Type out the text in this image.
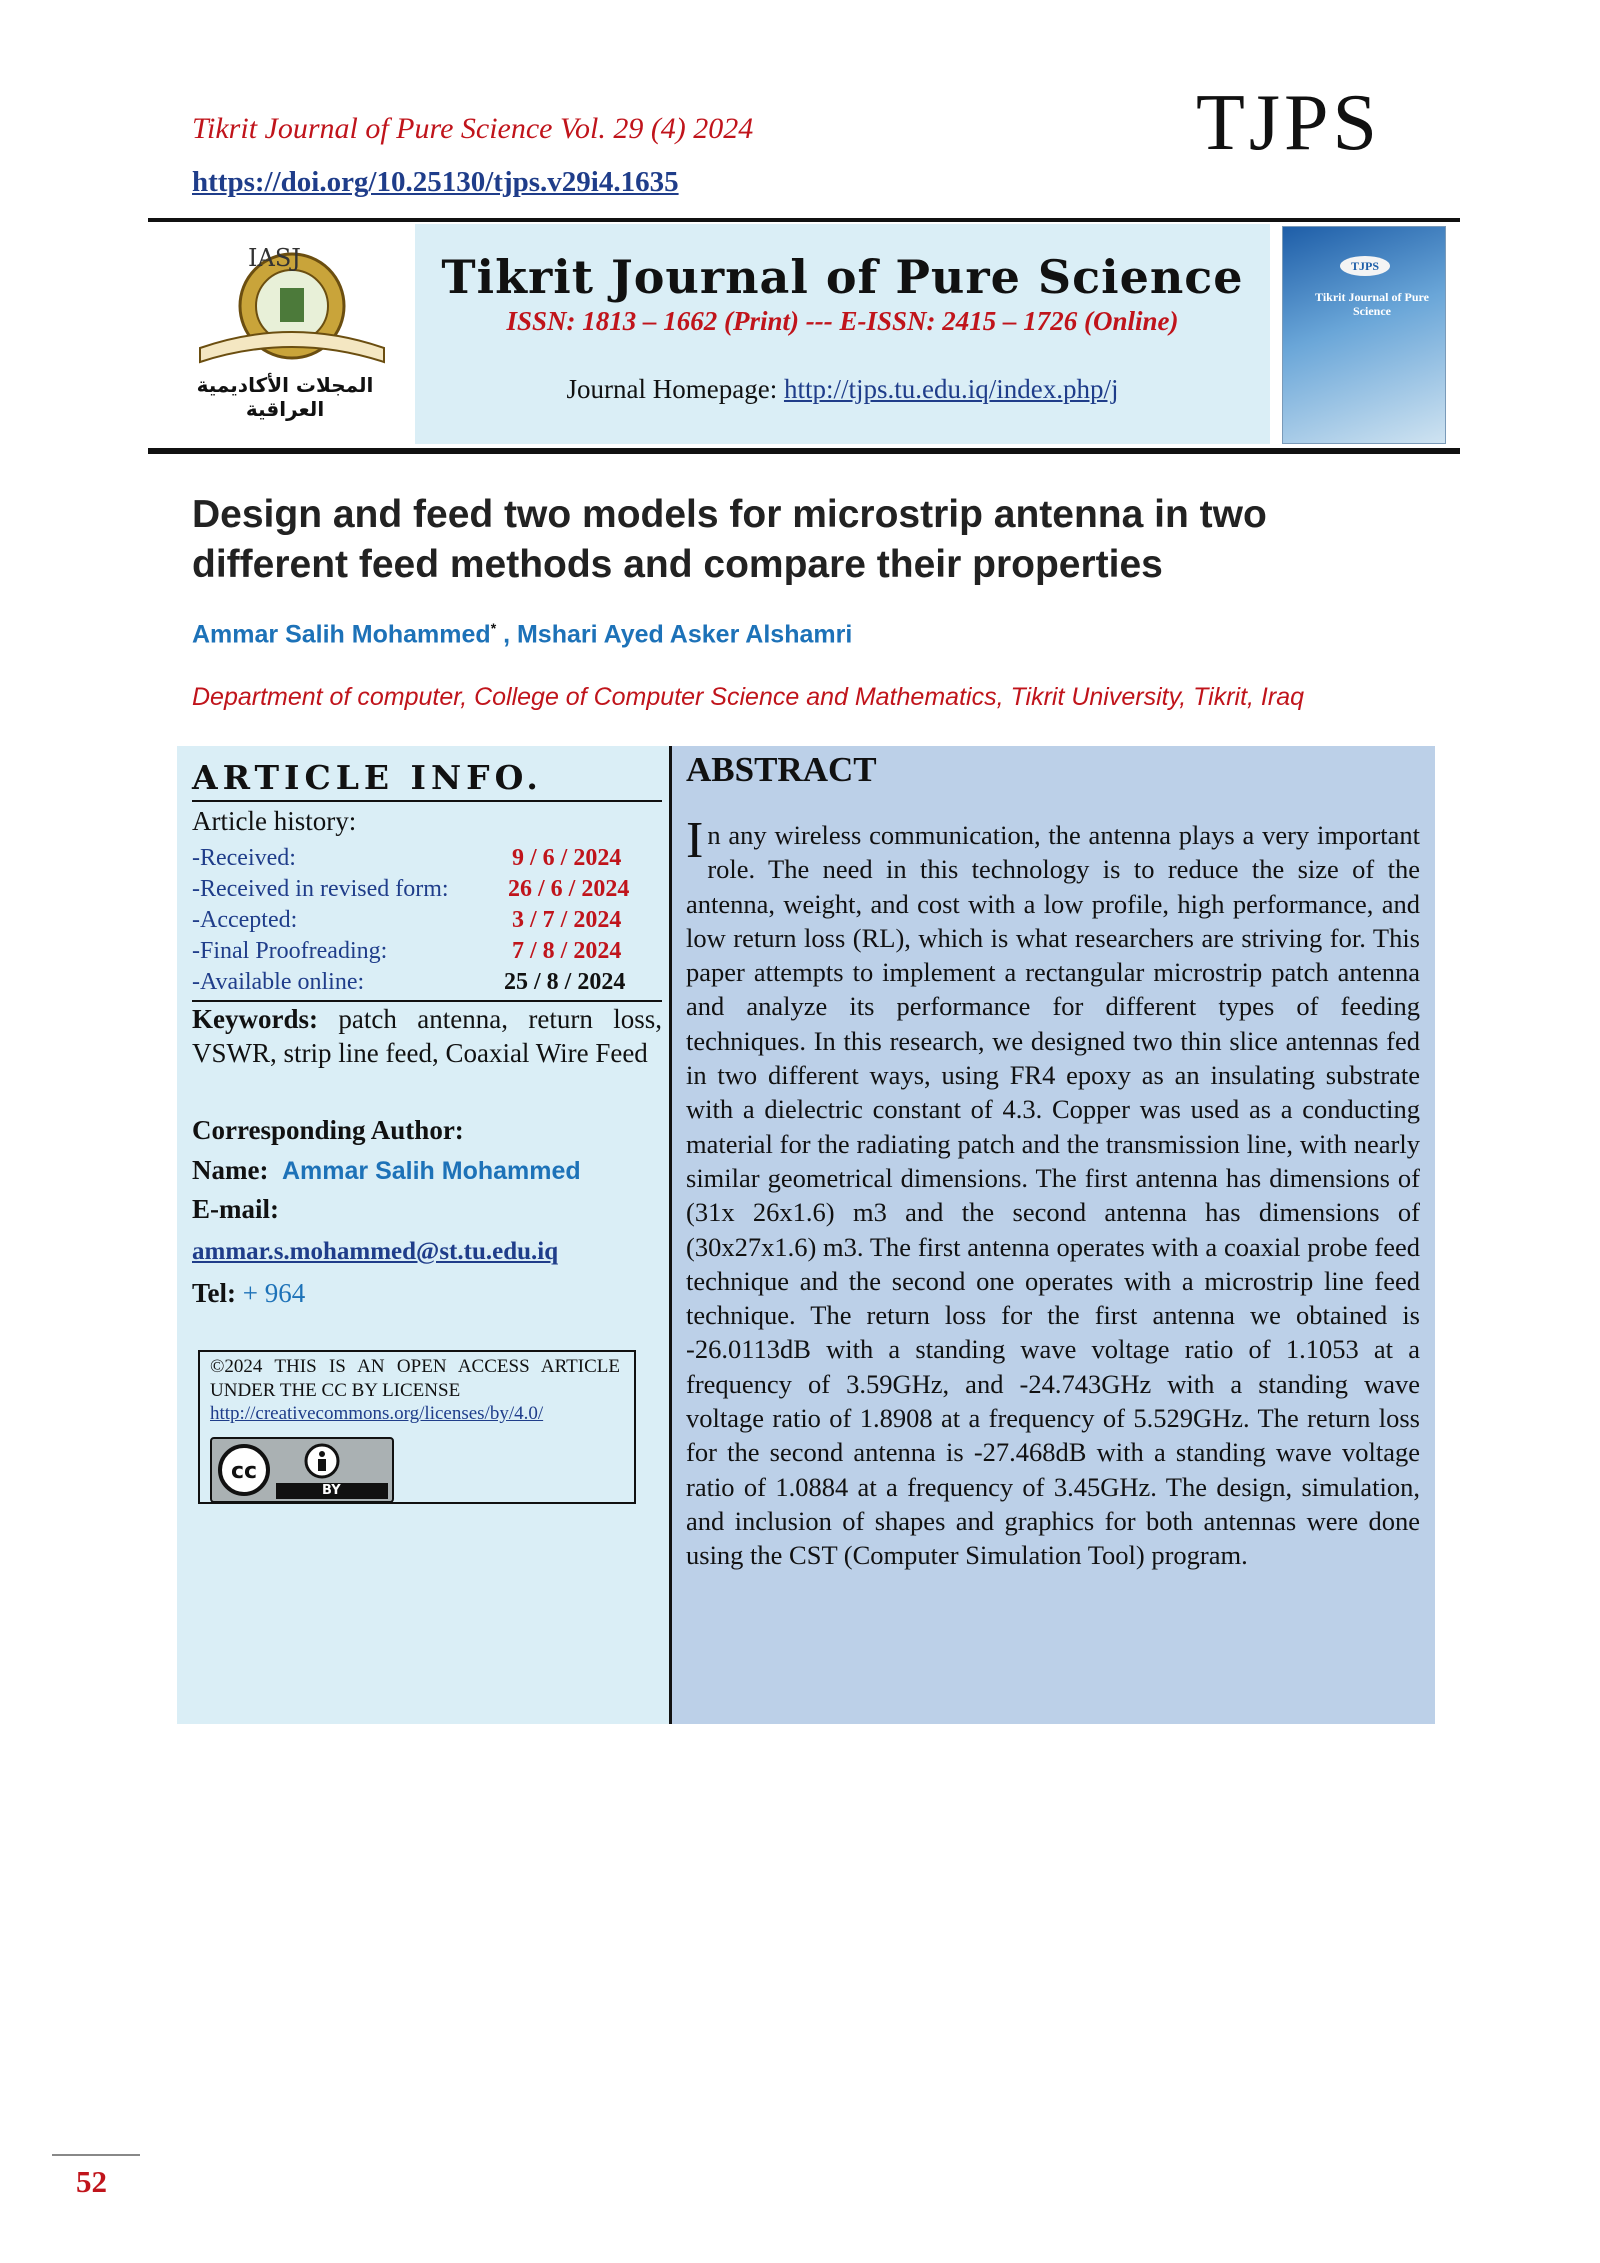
Tikrit Journal of Pure Science Vol. 29 (4) 2024
https://doi.org/10.25130/tjps.v29i4.1635
TJPS
IASJ
المجلات الأكاديمية العراقية
Tikrit Journal of Pure Science
ISSN: 1813 – 1662 (Print) --- E-ISSN: 2415 – 1726 (Online)
Journal Homepage: http://tjps.tu.edu.iq/index.php/j
TJPS
Tikrit Journal of Pure Science
Design and feed two models for microstrip antenna in two different feed methods and compare their properties
Ammar Salih Mohammed* , Mshari Ayed Asker Alshamri
Department of computer, College of Computer Science and Mathematics, Tikrit University, Tikrit, Iraq
ARTICLE INFO.
Article history:
-Received:	9 / 6 / 2024
-Received in revised form: 26 / 6 / 2024
-Accepted:	3 / 7 / 2024
-Final Proofreading:	7 / 8 / 2024
-Available online:	25 / 8 / 2024
Keywords: patch antenna, return loss, VSWR, strip line feed, Coaxial Wire Feed
Corresponding Author:
Name: Ammar Salih Mohammed
E-mail:
ammar.s.mohammed@st.tu.edu.iq
Tel: + 964
©2024 THIS IS AN OPEN ACCESS ARTICLE UNDER THE CC BY LICENSE
http://creativecommons.org/licenses/by/4.0/
cc
BY
ABSTRACT
In any wireless communication, the antenna plays a very important role. The need in this technology is to reduce the size of the antenna, weight, and cost with a low profile, high performance, and low return loss (RL), which is what researchers are striving for. This paper attempts to implement a rectangular microstrip patch antenna and analyze its performance for different types of feeding techniques. In this research, we designed two thin slice antennas fed in two different ways, using FR4 epoxy as an insulating substrate with a dielectric constant of 4.3. Copper was used as a conducting material for the radiating patch and the transmission line, with nearly similar geometrical dimensions. The first antenna has dimensions of (31x 26x1.6) m3 and the second antenna has dimensions of (30x27x1.6) m3. The first antenna operates with a coaxial probe feed technique and the second one operates with a microstrip line feed technique. The return loss for the first antenna we obtained is -26.0113dB with a standing wave voltage ratio of 1.1053 at a frequency of 3.59GHz, and -24.743GHz with a standing wave voltage ratio of 1.8908 at a frequency of 5.529GHz. The return loss for the second antenna is -27.468dB with a standing wave voltage ratio of 1.0884 at a frequency of 3.45GHz. The design, simulation, and inclusion of shapes and graphics for both antennas were done using the CST (Computer Simulation Tool) program.
52
